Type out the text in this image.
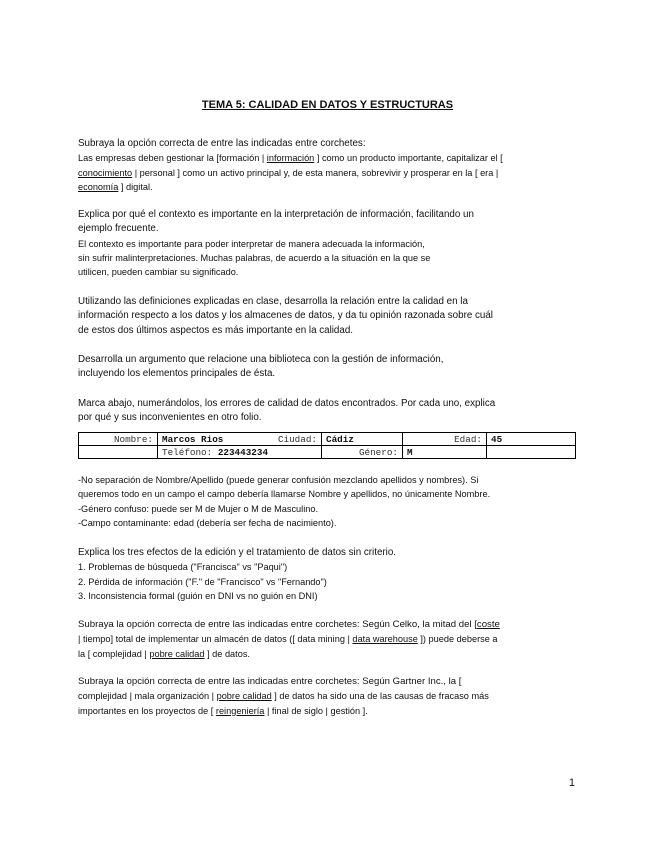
TEMA 5: CALIDAD EN DATOS Y ESTRUCTURAS
Subraya la opción correcta de entre las indicadas entre corchetes:
Las empresas deben gestionar la [formación | información ] como un producto importante, capitalizar el [
conocimiento | personal ] como un activo principal y, de esta manera, sobrevivir y prosperar en la [ era |
economía ] digital.
Explica por qué el contexto es importante en la interpretación de información, facilitando un
ejemplo frecuente.
El contexto es importante para poder interpretar de manera adecuada la información,
sin sufrir malinterpretaciones. Muchas palabras, de acuerdo a la situación en la que se
utilicen, pueden cambiar su significado.
Utilizando las definiciones explicadas en clase, desarrolla la relación entre la calidad en la
información respecto a los datos y los almacenes de datos, y da tu opinión razonada sobre cuál
de estos dos últimos aspectos es más importante en la calidad.
Desarrolla un argumento que relacione una biblioteca con la gestión de información,
incluyendo los elementos principales de ésta.
Marca abajo, numerándolos, los errores de calidad de datos encontrados. Por cada uno, explica
por qué y sus inconvenientes en otro folio.
Nombre:	Marcos Rios Ciudad:	Cádiz	Edad:	45
	Teléfono: 223443234	Género:	M	
-No separación de Nombre/Apellido (puede generar confusión mezclando apellidos y nombres). Si
queremos todo en un campo el campo debería llamarse Nombre y apellidos, no únicamente Nombre.
-Género confuso: puede ser M de Mujer o M de Masculino.
-Campo contaminante: edad (debería ser fecha de nacimiento).
Explica los tres efectos de la edición y el tratamiento de datos sin criterio.
1. Problemas de búsqueda ("Francisca" vs "Paqui")
2. Pérdida de información ("F." de "Francisco" vs "Fernando")
3. Inconsistencia formal (guión en DNI vs no guión en DNI)
Subraya la opción correcta de entre las indicadas entre corchetes: Según Celko, la mitad del [coste
| tiempo] total de implementar un almacén de datos ([ data mining | data warehouse ]) puede deberse a
la [ complejidad | pobre calidad ] de datos.
Subraya la opción correcta de entre las indicadas entre corchetes: Según Gartner Inc., la [
complejidad | mala organización | pobre calidad ] de datos ha sido una de las causas de fracaso más
importantes en los proyectos de [ reingeniería | final de siglo | gestión ].
1
